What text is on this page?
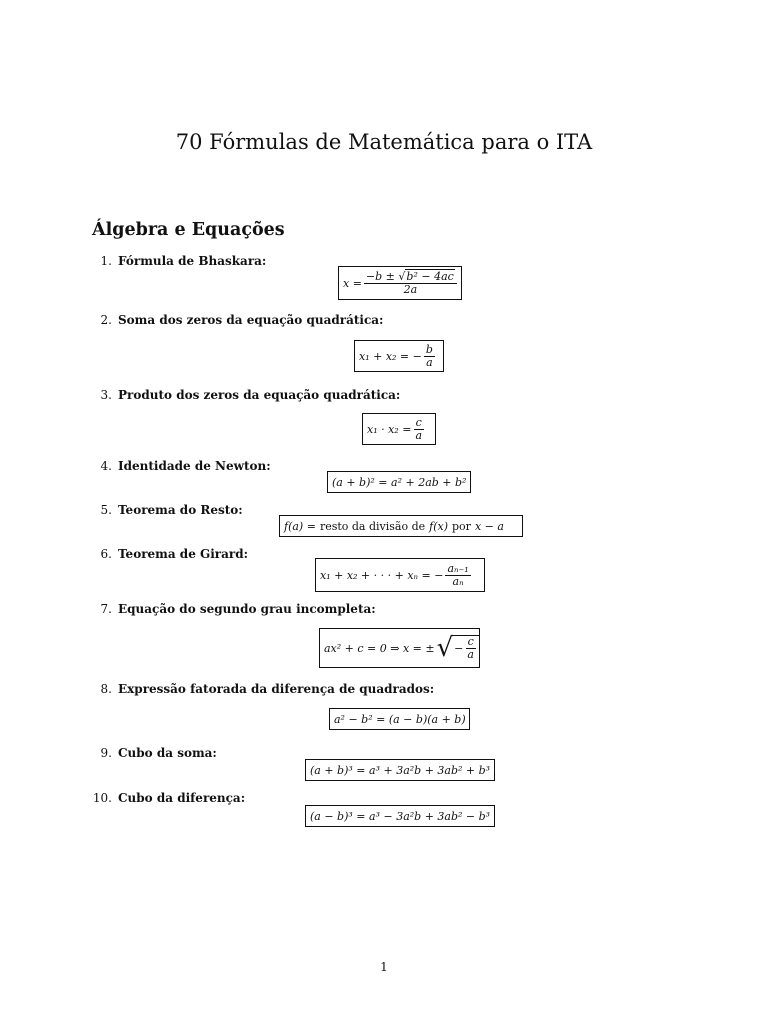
70 Fórmulas de Matemática para o ITA
Álgebra e Equações
1. Fórmula de Bhaskara:
$x = \frac{\text{−b ± √b² − 4ac}}{2a}$
2. Soma dos zeros da equação quadrática:
x₁ + x₂ = − $\frac{b}{a}$
3. Produto dos zeros da equação quadrática:
$x_1 \cdot x_2 = \frac{c}{a}$
4. Identidade de Newton:
(a + b)² = a² + 2ab + b²
5. Teorema do Resto:
f(a) = resto da divisão de f(x) por x − a
6. Teorema de Girard:
x₁ + x₂ + · · · + xₙ = − $\frac{\text{aₙ₋₁}}{\text{aₙ}}$
7. Equação do segundo grau incompleta:
ax² + c = 0 ⇒ x = ± √ − $\frac{c}{a}$
8. Expressão fatorada da diferença de quadrados:
a² − b² = (a − b)(a + b)
9. Cubo da soma:
(a + b)³ = a³ + 3a²b + 3ab² + b³
10. Cubo da diferença:
(a − b)³ = a³ − 3a²b + 3ab² − b³
1
